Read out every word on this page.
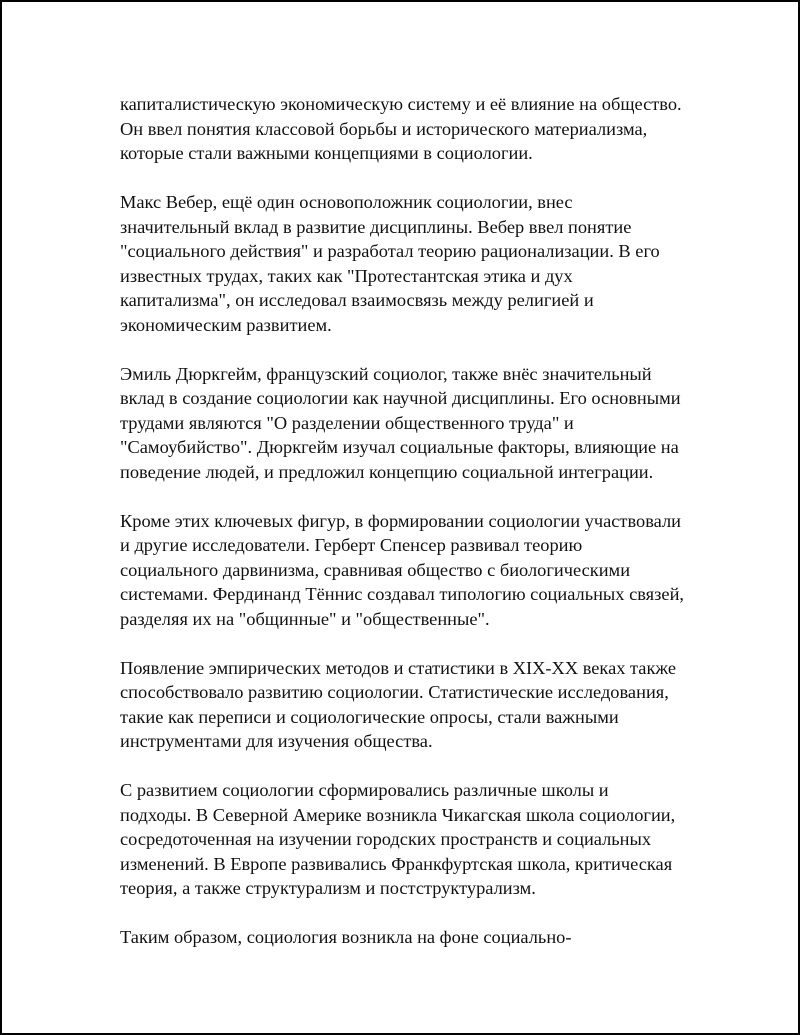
капиталистическую экономическую систему и её влияние на общество.
Он ввел понятия классовой борьбы и исторического материализма,
которые стали важными концепциями в социологии.

Макс Вебер, ещё один основоположник социологии, внес
значительный вклад в развитие дисциплины. Вебер ввел понятие
"социального действия" и разработал теорию рационализации. В его
известных трудах, таких как "Протестантская этика и дух
капитализма", он исследовал взаимосвязь между религией и
экономическим развитием.

Эмиль Дюркгейм, французский социолог, также внёс значительный
вклад в создание социологии как научной дисциплины. Его основными
трудами являются "О разделении общественного труда" и
"Самоубийство". Дюркгейм изучал социальные факторы, влияющие на
поведение людей, и предложил концепцию социальной интеграции.

Кроме этих ключевых фигур, в формировании социологии участвовали
и другие исследователи. Герберт Спенсер развивал теорию
социального дарвинизма, сравнивая общество с биологическими
системами. Фердинанд Тённис создавал типологию социальных связей,
разделяя их на "общинные" и "общественные".

Появление эмпирических методов и статистики в XIX-XX веках также
способствовало развитию социологии. Статистические исследования,
такие как переписи и социологические опросы, стали важными
инструментами для изучения общества.

С развитием социологии сформировались различные школы и
подходы. В Северной Америке возникла Чикагская школа социологии,
сосредоточенная на изучении городских пространств и социальных
изменений. В Европе развивались Франкфуртская школа, критическая
теория, а также структурализм и постструктурализм.

Таким образом, социология возникла на фоне социально-
